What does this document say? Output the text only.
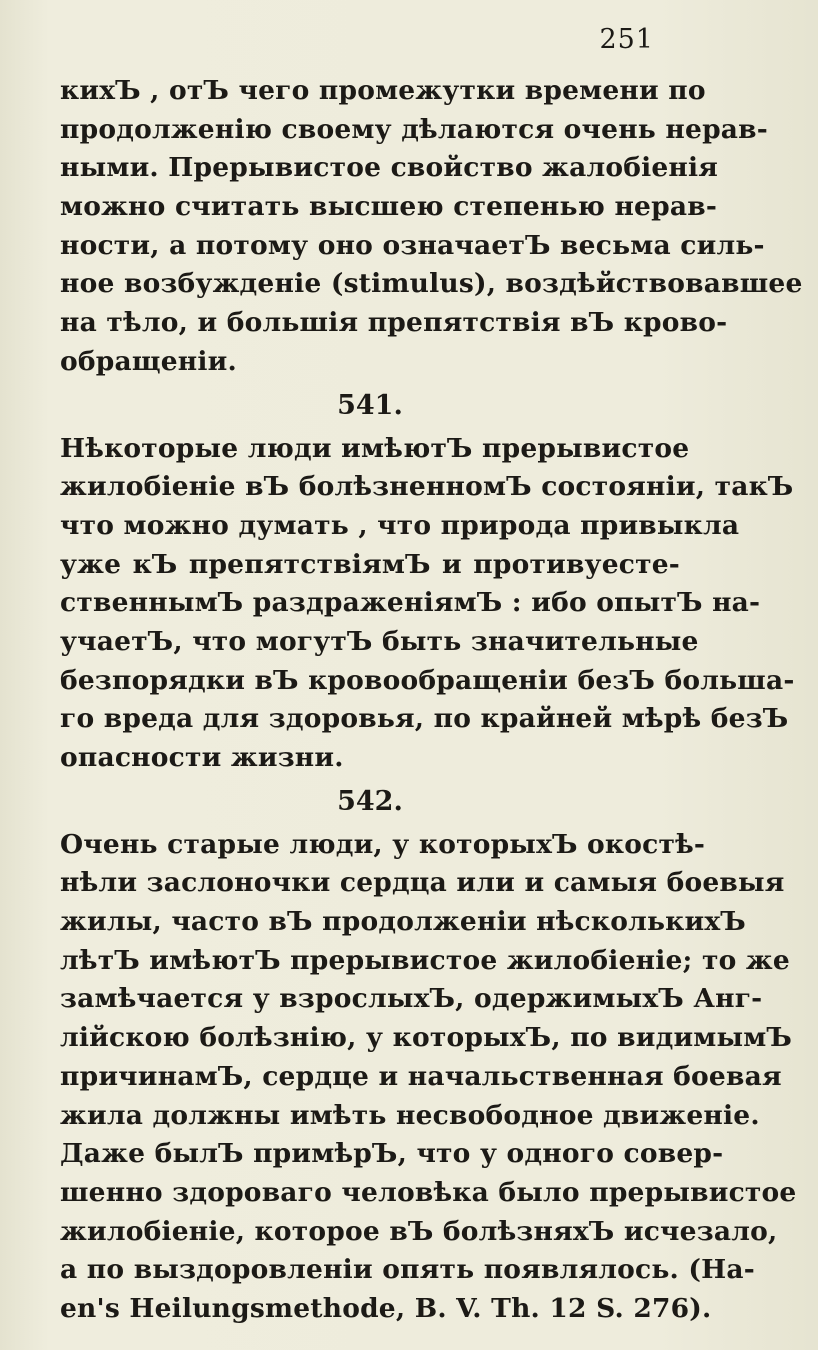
251
кихЪ , отЪ чего промежутки времени по
продолженію своему дѣлаются очень нерав-
ными. Прерывистое свойство жалобіенія
можно считать высшею степенью нерав-
ности, а потому оно означаетЪ весьма силь-
ное возбужденіе (stimulus), воздѣйствовавшее
на тѣло, и большія препятствія вЪ крово-
обращеніи.
541.
Нѣкоторые люди имѣютЪ прерывистое
жилобіеніе вЪ болѣзненномЪ состояніи, такЪ
что можно думать , что природа привыкла
уже кЪ препятствіямЪ и противуесте-
ственнымЪ раздраженіямЪ : ибо опытЪ на-
учаетЪ, что могутЪ быть значительные
безпорядки вЪ кровообращеніи безЪ больша-
го вреда для здоровья, по крайней мѣрѣ безЪ
опасности жизни.
542.
Очень старые люди, у которыхЪ окостѣ-
нѣли заслоночки сердца или и самыя боевыя
жилы, часто вЪ продолженіи нѣсколькихЪ
лѣтЪ имѣютЪ прерывистое жилобіеніе; то же
замѣчается у взрослыхЪ, одержимыхЪ Анг-
лійскою болѣзнію, у которыхЪ, по видимымЪ
причинамЪ, сердце и начальственная боевая
жила должны имѣть несвободное движеніе.
Даже былЪ примѣрЪ, что у одного совер-
шенно здороваго человѣка было прерывистое
жилобіеніе, которое вЪ болѣзняхЪ исчезало,
а по выздоровленіи опять появлялось. (На-
en's Heilungsmethode, B. V. Th. 12 S. 276).
